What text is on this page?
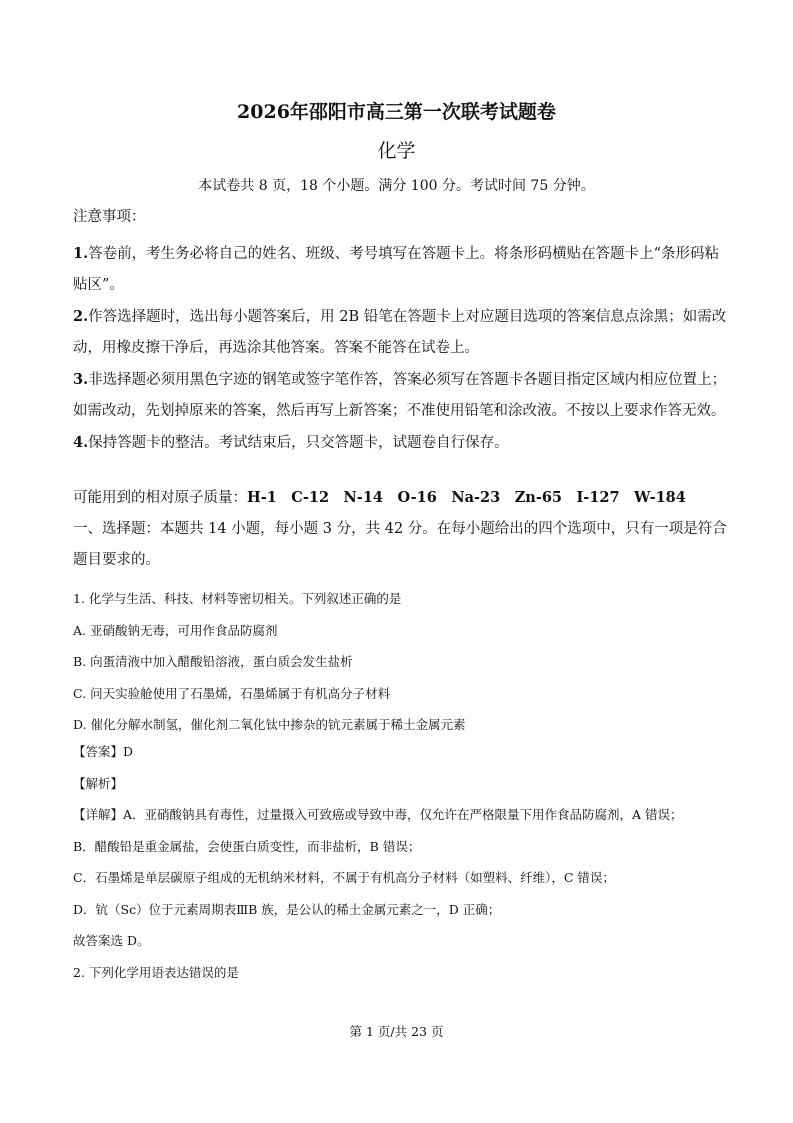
2026年邵阳市高三第一次联考试题卷
化学
本试卷共 8 页，18 个小题。满分 100 分。考试时间 75 分钟。
注意事项：
1.答卷前，考生务必将自己的姓名、班级、考号填写在答题卡上。将条形码横贴在答题卡上“条形码粘贴区”。
2.作答选择题时，选出每小题答案后，用 2B 铅笔在答题卡上对应题目选项的答案信息点涂黑；如需改动，用橡皮擦干净后，再选涂其他答案。答案不能答在试卷上。
3.非选择题必须用黑色字迹的钢笔或签字笔作答，答案必须写在答题卡各题目指定区域内相应位置上；如需改动，先划掉原来的答案，然后再写上新答案；不准使用铅笔和涂改液。不按以上要求作答无效。
4.保持答题卡的整洁。考试结束后，只交答题卡，试题卷自行保存。
可能用到的相对原子质量：H-1　C-12　N-14　O-16　Na-23　Zn-65　I-127　W-184
一、选择题：本题共 14 小题，每小题 3 分，共 42 分。在每小题给出的四个选项中，只有一项是符合题目要求的。
1. 化学与生活、科技、材料等密切相关。下列叙述正确的是
A. 亚硝酸钠无毒，可用作食品防腐剂
B. 向蛋清液中加入醋酸铅溶液，蛋白质会发生盐析
C. 问天实验舱使用了石墨烯，石墨烯属于有机高分子材料
D. 催化分解水制氢，催化剂二氧化钛中掺杂的钪元素属于稀土金属元素
【答案】D
【解析】
【详解】A．亚硝酸钠具有毒性，过量摄入可致癌或导致中毒，仅允许在严格限量下用作食品防腐剂，A 错误；
B．醋酸铅是重金属盐，会使蛋白质变性，而非盐析，B 错误；
C．石墨烯是单层碳原子组成的无机纳米材料，不属于有机高分子材料（如塑料、纤维），C 错误；
D．钪（Sc）位于元素周期表ⅢB 族，是公认的稀土金属元素之一，D 正确；
故答案选 D。
2. 下列化学用语表达错误的是
第 1 页/共 23 页
